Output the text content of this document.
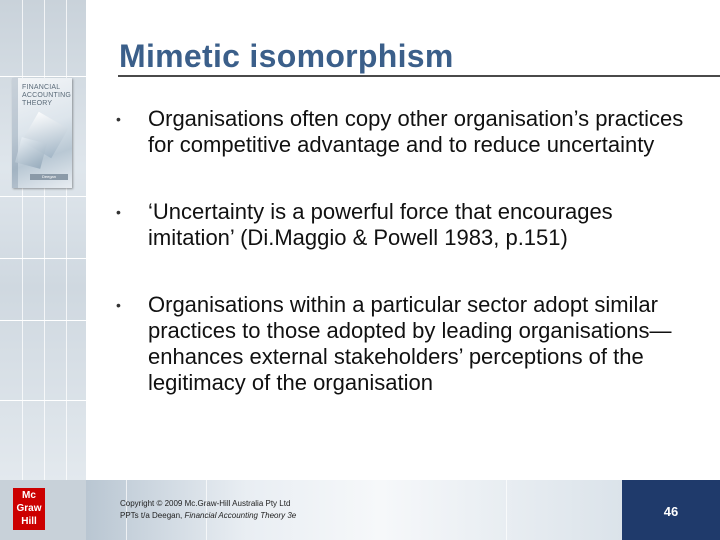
FINANCIAL
ACCOUNTING
THEORY
Deegan
Mimetic isomorphism
• Organisations often copy other organisation’s practices for competitive advantage and to reduce uncertainty
• ‘Uncertainty is a powerful force that encourages imitation’ (Di.Maggio & Powell 1983, p.151)
• Organisations within a particular sector adopt similar practices to those adopted by leading organisations—enhances external stakeholders’ perceptions of the legitimacy of the organisation
Mc
Graw
Hill
46
Copyright © 2009 Mc.Graw-Hill Australia Pty Ltd
PPTs t/a Deegan, Financial Accounting Theory 3e
